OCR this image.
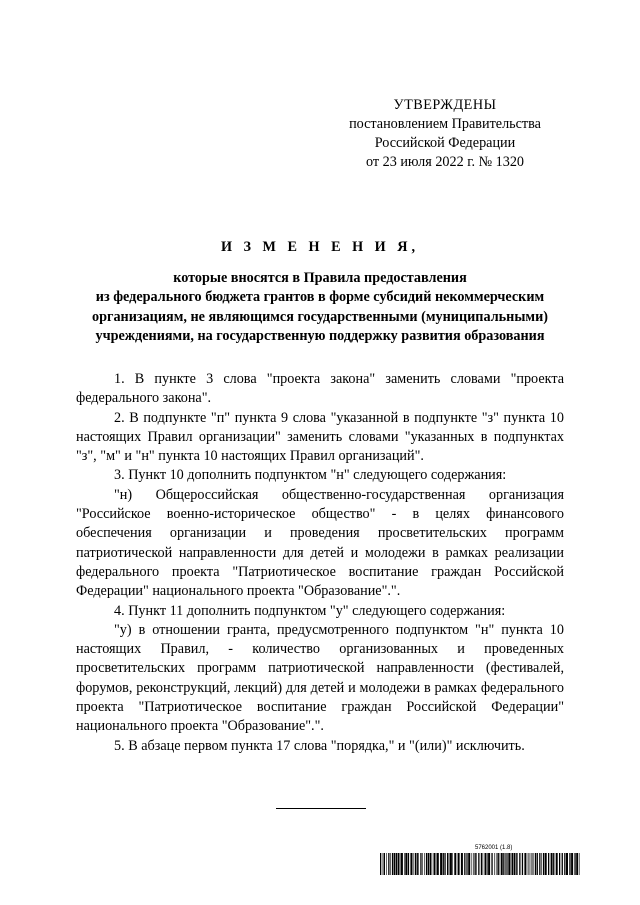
УТВЕРЖДЕНЫ
постановлением Правительства
Российской Федерации
от 23 июля 2022 г. № 1320
И З М Е Н Е Н И Я,
которые вносятся в Правила предоставления
из федерального бюджета грантов в форме субсидий некоммерческим
организациям, не являющимся государственными (муниципальными)
учреждениями, на государственную поддержку развития образования

1. В пункте 3 слова "проекта закона" заменить словами "проекта федерального закона".

2. В подпункте "п" пункта 9 слова "указанной в подпункте "з" пункта 10 настоящих Правил организации" заменить словами "указанных в подпунктах "з", "м" и "н" пункта 10 настоящих Правил организаций".

3. Пункт 10 дополнить подпунктом "н" следующего содержания:

"н) Общероссийская общественно-государственная организация "Российское военно-историческое общество" - в целях финансового обеспечения организации и проведения просветительских программ патриотической направленности для детей и молодежи в рамках реализации федерального проекта "Патриотическое воспитание граждан Российской Федерации" национального проекта "Образование".".

4. Пункт 11 дополнить подпунктом "у" следующего содержания:

"у) в отношении гранта, предусмотренного подпунктом "н" пункта 10 настоящих Правил, - количество организованных и проведенных просветительских программ патриотической направленности (фестивалей, форумов, реконструкций, лекций) для детей и молодежи в рамках федерального проекта "Патриотическое воспитание граждан Российской Федерации" национального проекта "Образование".".

5. В абзаце первом пункта 17 слова "порядка," и "(или)" исключить.

5762001 (1.8)
